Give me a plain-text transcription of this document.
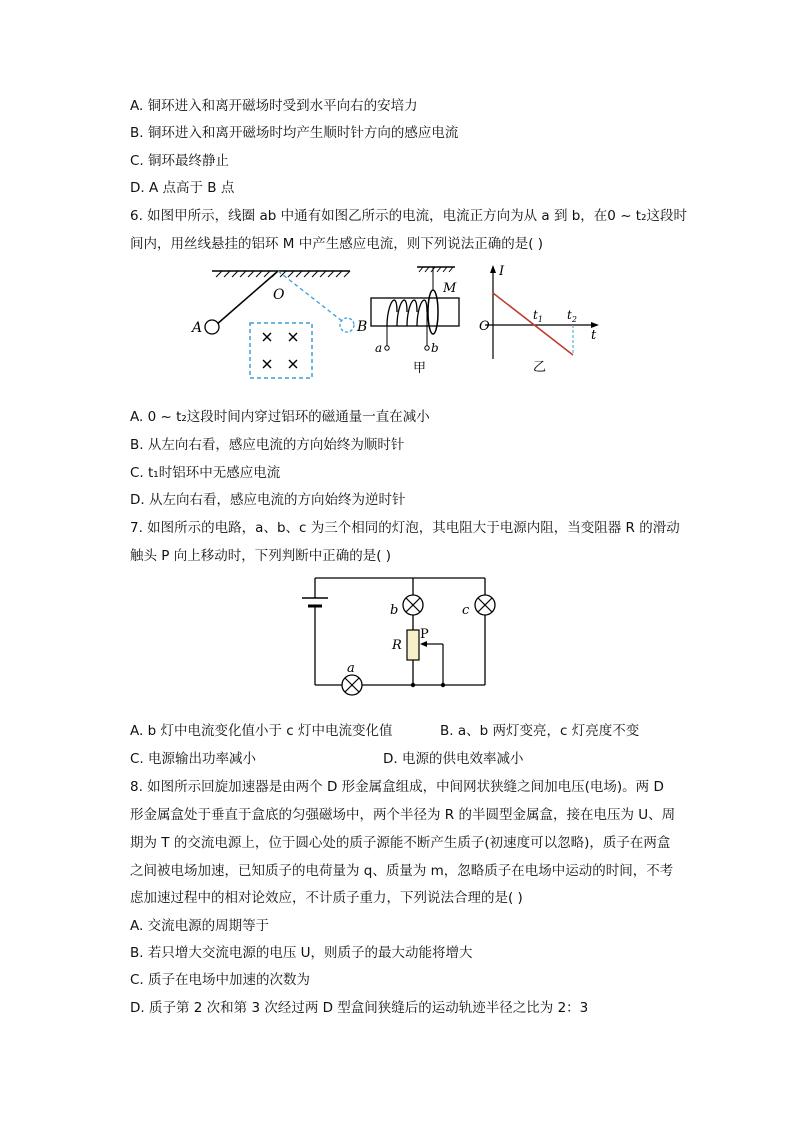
A. 铜环进入和离开磁场时受到水平向右的安培力
B. 铜环进入和离开磁场时均产生顺时针方向的感应电流
C. 铜环最终静止
D. A 点高于 B 点
6. 如图甲所示，线圈 ab 中通有如图乙所示的电流，电流正方向为从 a 到 b，在0 ~ t₂这段时
间内，用丝线悬挂的铝环 M 中产生感应电流，则下列说法正确的是( )
A	B
O
a	b
M
甲
I
O
$t_1$ $t_2$
t
乙
A. 0 ~ t₂这段时间内穿过铝环的磁通量一直在减小
B. 从左向右看，感应电流的方向始终为顺时针
C. t₁时铝环中无感应电流
D. 从左向右看，感应电流的方向始终为逆时针
7. 如图所示的电路，a、b、c 为三个相同的灯泡，其电阻大于电源内阻，当变阻器 R 的滑动
触头 P 向上移动时，下列判断中正确的是( )
a
b
R
P
c
A. b 灯中电流变化值小于 c 灯中电流变化值	B. a、b 两灯变亮，c 灯亮度不变
C. 电源输出功率减小	D. 电源的供电效率减小
8. 如图所示回旋加速器是由两个 D 形金属盒组成，中间网状狭缝之间加电压(电场)。两 D
形金属盒处于垂直于盒底的匀强磁场中，两个半径为 R 的半圆型金属盒，接在电压为 U、周
期为 T 的交流电源上，位于圆心处的质子源能不断产生质子(初速度可以忽略)，质子在两盒
之间被电场加速，已知质子的电荷量为 q、质量为 m，忽略质子在电场中运动的时间，不考
虑加速过程中的相对论效应，不计质子重力，下列说法合理的是( )
A. 交流电源的周期等于
B. 若只增大交流电源的电压 U，则质子的最大动能将增大
C. 质子在电场中加速的次数为
D. 质子第 2 次和第 3 次经过两 D 型盒间狭缝后的运动轨迹半径之比为 2：3
